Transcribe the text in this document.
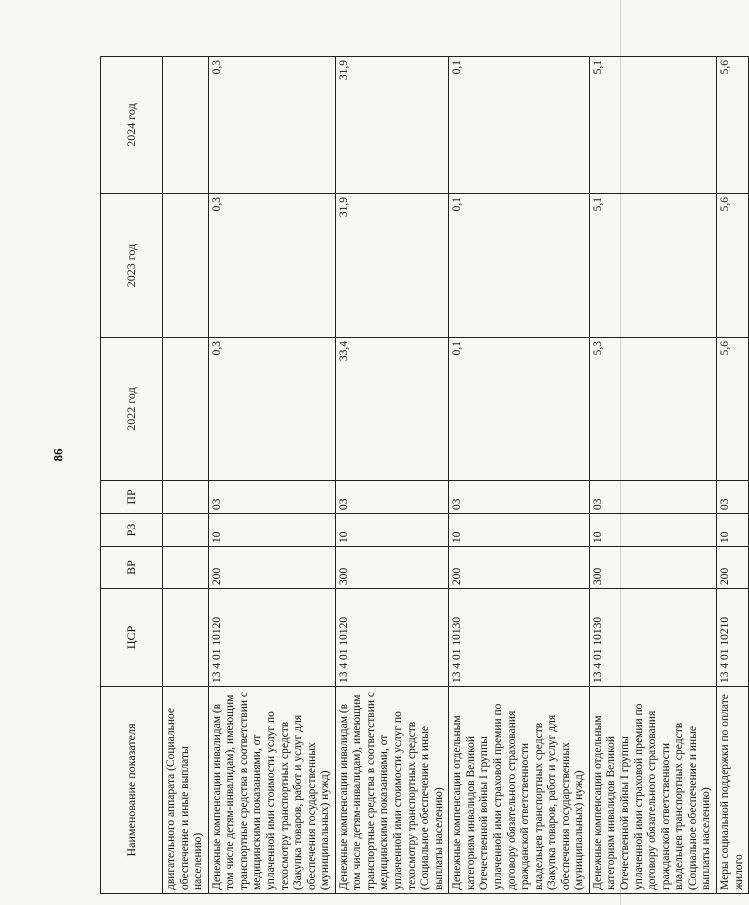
86
Наименование показателя	ЦСР	ВР	РЗ	ПР	2022 год	2023 год	2024 год
двигательного аппарата (Социальное обеспечение и иные выплаты населению)							
Денежные компенсации инвалидам (в том числе детям-инвалидам), имеющим транспортные средства в соответствии с медицинскими показаниями, от уплаченной ими стоимости услуг по техосмотру транспортных средств (Закупка товаров, работ и услуг для обеспечения государственных (муниципальных) нужд)	13 4 01 10120	200	10	03	0,3	0,3	0,3
Денежные компенсации инвалидам (в том числе детям-инвалидам), имеющим транспортные средства в соответствии с медицинскими показаниями, от уплаченной ими стоимости услуг по техосмотру транспортных средств (Социальное обеспечение и иные выплаты населению)	13 4 01 10120	300	10	03	33,4	31,9	31,9
Денежные компенсации отдельным категориям инвалидов Великой Отечественной войны I группы уплаченной ими страховой премии по договору обязательного страхования гражданской ответственности владельцев транспортных средств (Закупка товаров, работ и услуг для обеспечения государственных (муниципальных) нужд)	13 4 01 10130	200	10	03	0,1	0,1	0,1
Денежные компенсации отдельным категориям инвалидов Великой Отечественной войны I группы уплаченной ими страховой премии по договору обязательного страхования гражданской ответственности владельцев транспортных средств (Социальное обеспечение и иные выплаты населению)	13 4 01 10130	300	10	03	5,3	5,1	5,1
Меры социальной поддержки по оплате жилого	13 4 01 10210	200	10	03	5,6	5,6	5,6
